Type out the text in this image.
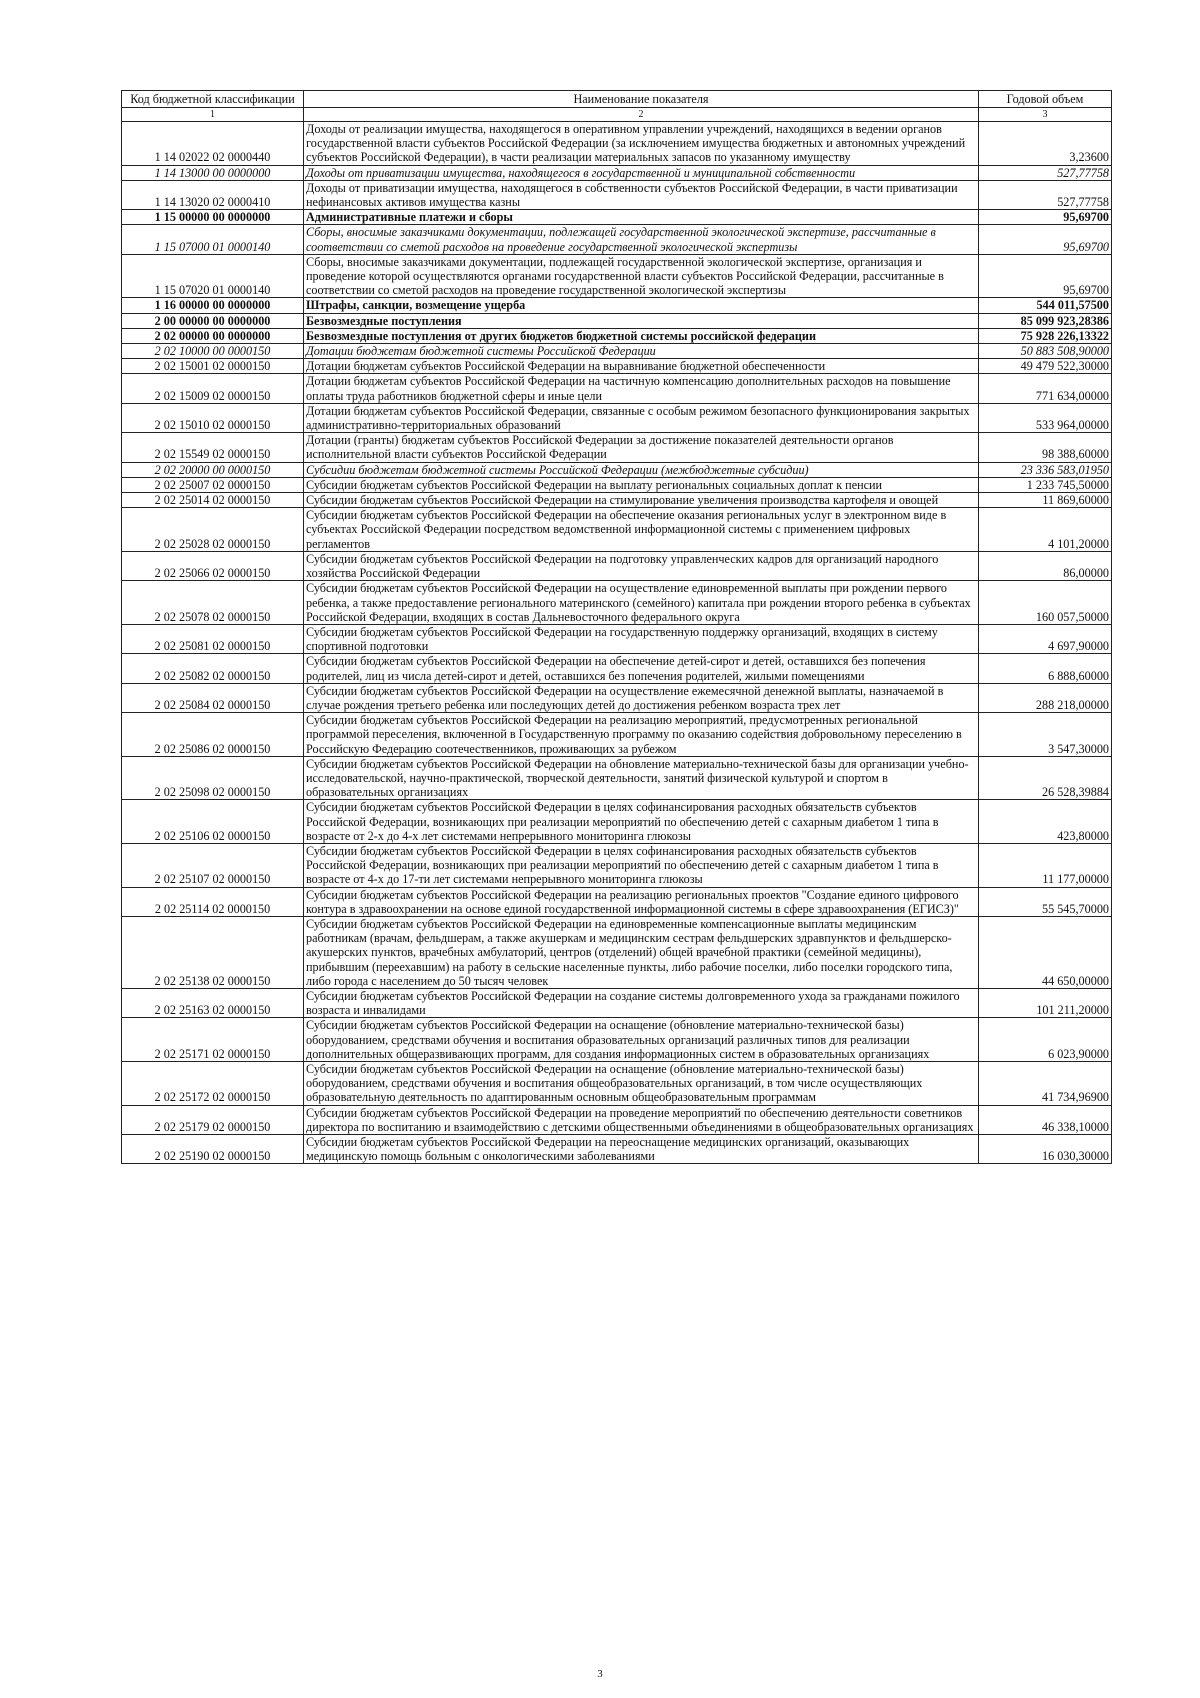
Код бюджетной классификации	Наименование показателя	Годовой объем
1	2	3
1 14 02022 02 0000440	Доходы от реализации имущества, находящегося в оперативном управлении учреждений, находящихся в ведении органов государственной власти субъектов Российской Федерации (за исключением имущества бюджетных и автономных учреждений субъектов Российской Федерации), в части реализации материальных запасов по указанному имуществу	3,23600
1 14 13000 00 0000000	Доходы от приватизации имущества, находящегося в государственной и муниципальной собственности	527,77758
1 14 13020 02 0000410	Доходы от приватизации имущества, находящегося в собственности субъектов Российской Федерации, в части приватизации нефинансовых активов имущества казны	527,77758
1 15 00000 00 0000000	Административные платежи и сборы	95,69700
1 15 07000 01 0000140	Сборы, вносимые заказчиками документации, подлежащей государственной экологической экспертизе, рассчитанные в соответствии со сметой расходов на проведение государственной экологической экспертизы	95,69700
1 15 07020 01 0000140	Сборы, вносимые заказчиками документации, подлежащей государственной экологической экспертизе, организация и проведение которой осуществляются органами государственной власти субъектов Российской Федерации, рассчитанные в соответствии со сметой расходов на проведение государственной экологической экспертизы	95,69700
1 16 00000 00 0000000	Штрафы, санкции, возмещение ущерба	544 011,57500
2 00 00000 00 0000000	Безвозмездные поступления	85 099 923,28386
2 02 00000 00 0000000	Безвозмездные поступления от других бюджетов бюджетной системы российской федерации	75 928 226,13322
2 02 10000 00 0000150	Дотации бюджетам бюджетной системы Российской Федерации	50 883 508,90000
2 02 15001 02 0000150	Дотации бюджетам субъектов Российской Федерации на выравнивание бюджетной обеспеченности	49 479 522,30000
2 02 15009 02 0000150	Дотации бюджетам субъектов Российской Федерации на частичную компенсацию дополнительных расходов на повышение оплаты труда работников бюджетной сферы и иные цели	771 634,00000
2 02 15010 02 0000150	Дотации бюджетам субъектов Российской Федерации, связанные с особым режимом безопасного функционирования закрытых административно-территориальных образований	533 964,00000
2 02 15549 02 0000150	Дотации (гранты) бюджетам субъектов Российской Федерации за достижение показателей деятельности органов исполнительной власти субъектов Российской Федерации	98 388,60000
2 02 20000 00 0000150	Субсидии бюджетам бюджетной системы Российской Федерации (межбюджетные субсидии)	23 336 583,01950
2 02 25007 02 0000150	Субсидии бюджетам субъектов Российской Федерации на выплату региональных социальных доплат к пенсии	1 233 745,50000
2 02 25014 02 0000150	Субсидии бюджетам субъектов Российской Федерации на стимулирование увеличения производства картофеля и овощей	11 869,60000
2 02 25028 02 0000150	Субсидии бюджетам субъектов Российской Федерации на обеспечение оказания региональных услуг в электронном виде в субъектах Российской Федерации посредством ведомственной информационной системы с применением цифровых регламентов	4 101,20000
2 02 25066 02 0000150	Субсидии бюджетам субъектов Российской Федерации на подготовку управленческих кадров для организаций народного хозяйства Российской Федерации	86,00000
2 02 25078 02 0000150	Субсидии бюджетам субъектов Российской Федерации на осуществление единовременной выплаты при рождении первого ребенка, а также предоставление регионального материнского (семейного) капитала при рождении второго ребенка в субъектах Российской Федерации, входящих в состав Дальневосточного федерального округа	160 057,50000
2 02 25081 02 0000150	Субсидии бюджетам субъектов Российской Федерации на государственную поддержку организаций, входящих в систему спортивной подготовки	4 697,90000
2 02 25082 02 0000150	Субсидии бюджетам субъектов Российской Федерации на обеспечение детей-сирот и детей, оставшихся без попечения родителей, лиц из числа детей-сирот и детей, оставшихся без попечения родителей, жилыми помещениями	6 888,60000
2 02 25084 02 0000150	Субсидии бюджетам субъектов Российской Федерации на осуществление ежемесячной денежной выплаты, назначаемой в случае рождения третьего ребенка или последующих детей до достижения ребенком возраста трех лет	288 218,00000
2 02 25086 02 0000150	Субсидии бюджетам субъектов Российской Федерации на реализацию мероприятий, предусмотренных региональной программой переселения, включенной в Государственную программу по оказанию содействия добровольному переселению в Российскую Федерацию соотечественников, проживающих за рубежом	3 547,30000
2 02 25098 02 0000150	Субсидии бюджетам субъектов Российской Федерации на обновление материально-технической базы для организации учебно-исследовательской, научно-практической, творческой деятельности, занятий физической культурой и спортом в образовательных организациях	26 528,39884
2 02 25106 02 0000150	Субсидии бюджетам субъектов Российской Федерации в целях софинансирования расходных обязательств субъектов Российской Федерации, возникающих при реализации мероприятий по обеспечению детей с сахарным диабетом 1 типа в возрасте от 2-х до 4-х лет системами непрерывного мониторинга глюкозы	423,80000
2 02 25107 02 0000150	Субсидии бюджетам субъектов Российской Федерации в целях софинансирования расходных обязательств субъектов Российской Федерации, возникающих при реализации мероприятий по обеспечению детей с сахарным диабетом 1 типа в возрасте от 4-х до 17-ти лет системами непрерывного мониторинга глюкозы	11 177,00000
2 02 25114 02 0000150	Субсидии бюджетам субъектов Российской Федерации на реализацию региональных проектов "Создание единого цифрового контура в здравоохранении на основе единой государственной информационной системы в сфере здравоохранения (ЕГИСЗ)"	55 545,70000
2 02 25138 02 0000150	Субсидии бюджетам субъектов Российской Федерации на единовременные компенсационные выплаты медицинским работникам (врачам, фельдшерам, а также акушеркам и медицинским сестрам фельдшерских здравпунктов и фельдшерско-акушерских пунктов, врачебных амбулаторий, центров (отделений) общей врачебной практики (семейной медицины), прибывшим (переехавшим) на работу в сельские населенные пункты, либо рабочие поселки, либо поселки городского типа, либо города с населением до 50 тысяч человек	44 650,00000
2 02 25163 02 0000150	Субсидии бюджетам субъектов Российской Федерации на создание системы долговременного ухода за гражданами пожилого возраста и инвалидами	101 211,20000
2 02 25171 02 0000150	Субсидии бюджетам субъектов Российской Федерации на оснащение (обновление материально-технической базы) оборудованием, средствами обучения и воспитания образовательных организаций различных типов для реализации дополнительных общеразвивающих программ, для создания информационных систем в образовательных организациях	6 023,90000
2 02 25172 02 0000150	Субсидии бюджетам субъектов Российской Федерации на оснащение (обновление материально-технической базы) оборудованием, средствами обучения и воспитания общеобразовательных организаций, в том числе осуществляющих образовательную деятельность по адаптированным основным общеобразовательным программам	41 734,96900
2 02 25179 02 0000150	Субсидии бюджетам субъектов Российской Федерации на проведение мероприятий по обеспечению деятельности советников директора по воспитанию и взаимодействию с детскими общественными объединениями в общеобразовательных организациях	46 338,10000
2 02 25190 02 0000150	Субсидии бюджетам субъектов Российской Федерации на переоснащение медицинских организаций, оказывающих медицинскую помощь больным с онкологическими заболеваниями	16 030,30000
3
